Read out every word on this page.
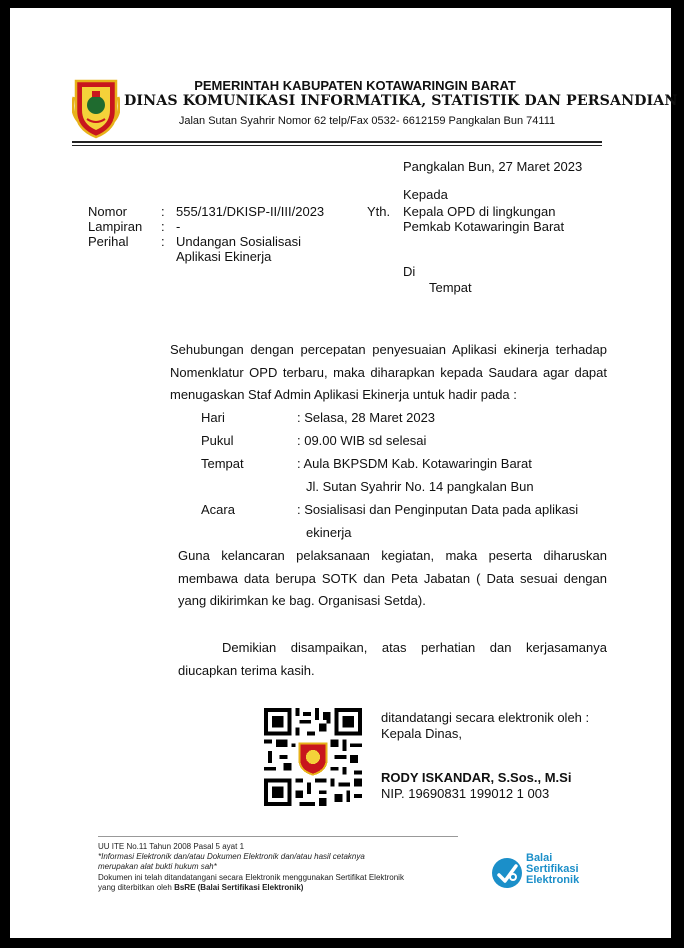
PEMERINTAH KABUPATEN KOTAWARINGIN BARAT
DINAS KOMUNIKASI INFORMATIKA, STATISTIK DAN PERSANDIAN
Jalan Sutan Syahrir Nomor 62 telp/Fax 0532- 6612159 Pangkalan Bun 74111
Pangkalan Bun, 27 Maret 2023
Kepada
Yth. Kepala OPD di lingkungan
Pemkab Kotawaringin Barat
Di
Tempat
Nomor	: 555/131/DKISP-II/III/2023
Lampiran : -
Perihal	: Undangan Sosialisasi
Aplikasi Ekinerja
Sehubungan dengan percepatan penyesuaian Aplikasi ekinerja terhadap
Nomenklatur OPD terbaru, maka diharapkan kepada Saudara agar dapat
menugaskan Staf Admin Aplikasi Ekinerja untuk hadir pada :
Hari	: Selasa, 28 Maret 2023
Pukul	: 09.00 WIB sd selesai
Tempat	: Aula BKPSDM Kab. Kotawaringin Barat
Jl. Sutan Syahrir No. 14 pangkalan Bun
Acara	: Sosialisasi dan Penginputan Data pada aplikasi
ekinerja
Guna kelancaran pelaksanaan kegiatan, maka peserta diharuskan
membawa data berupa SOTK dan Peta Jabatan ( Data sesuai dengan
yang dikirimkan ke bag. Organisasi Setda).
Demikian disampaikan, atas perhatian dan kerjasamanya
diucapkan terima kasih.
ditandatangi secara elektronik oleh :
Kepala Dinas,
RODY ISKANDAR, S.Sos., M.Si
NIP. 19690831 199012 1 003
UU ITE No.11 Tahun 2008 Pasal 5 ayat 1
*Informasi Elektronik dan/atau Dokumen Elektronik dan/atau hasil cetaknya
merupakan alat bukti hukum sah*
Dokumen ini telah ditandatangani secara Elektronik menggunakan Sertifikat Elektronik
yang diterbitkan oleh BsRE (Balai Sertifikasi Elektronik)
Balai
Sertifikasi
Elektronik
